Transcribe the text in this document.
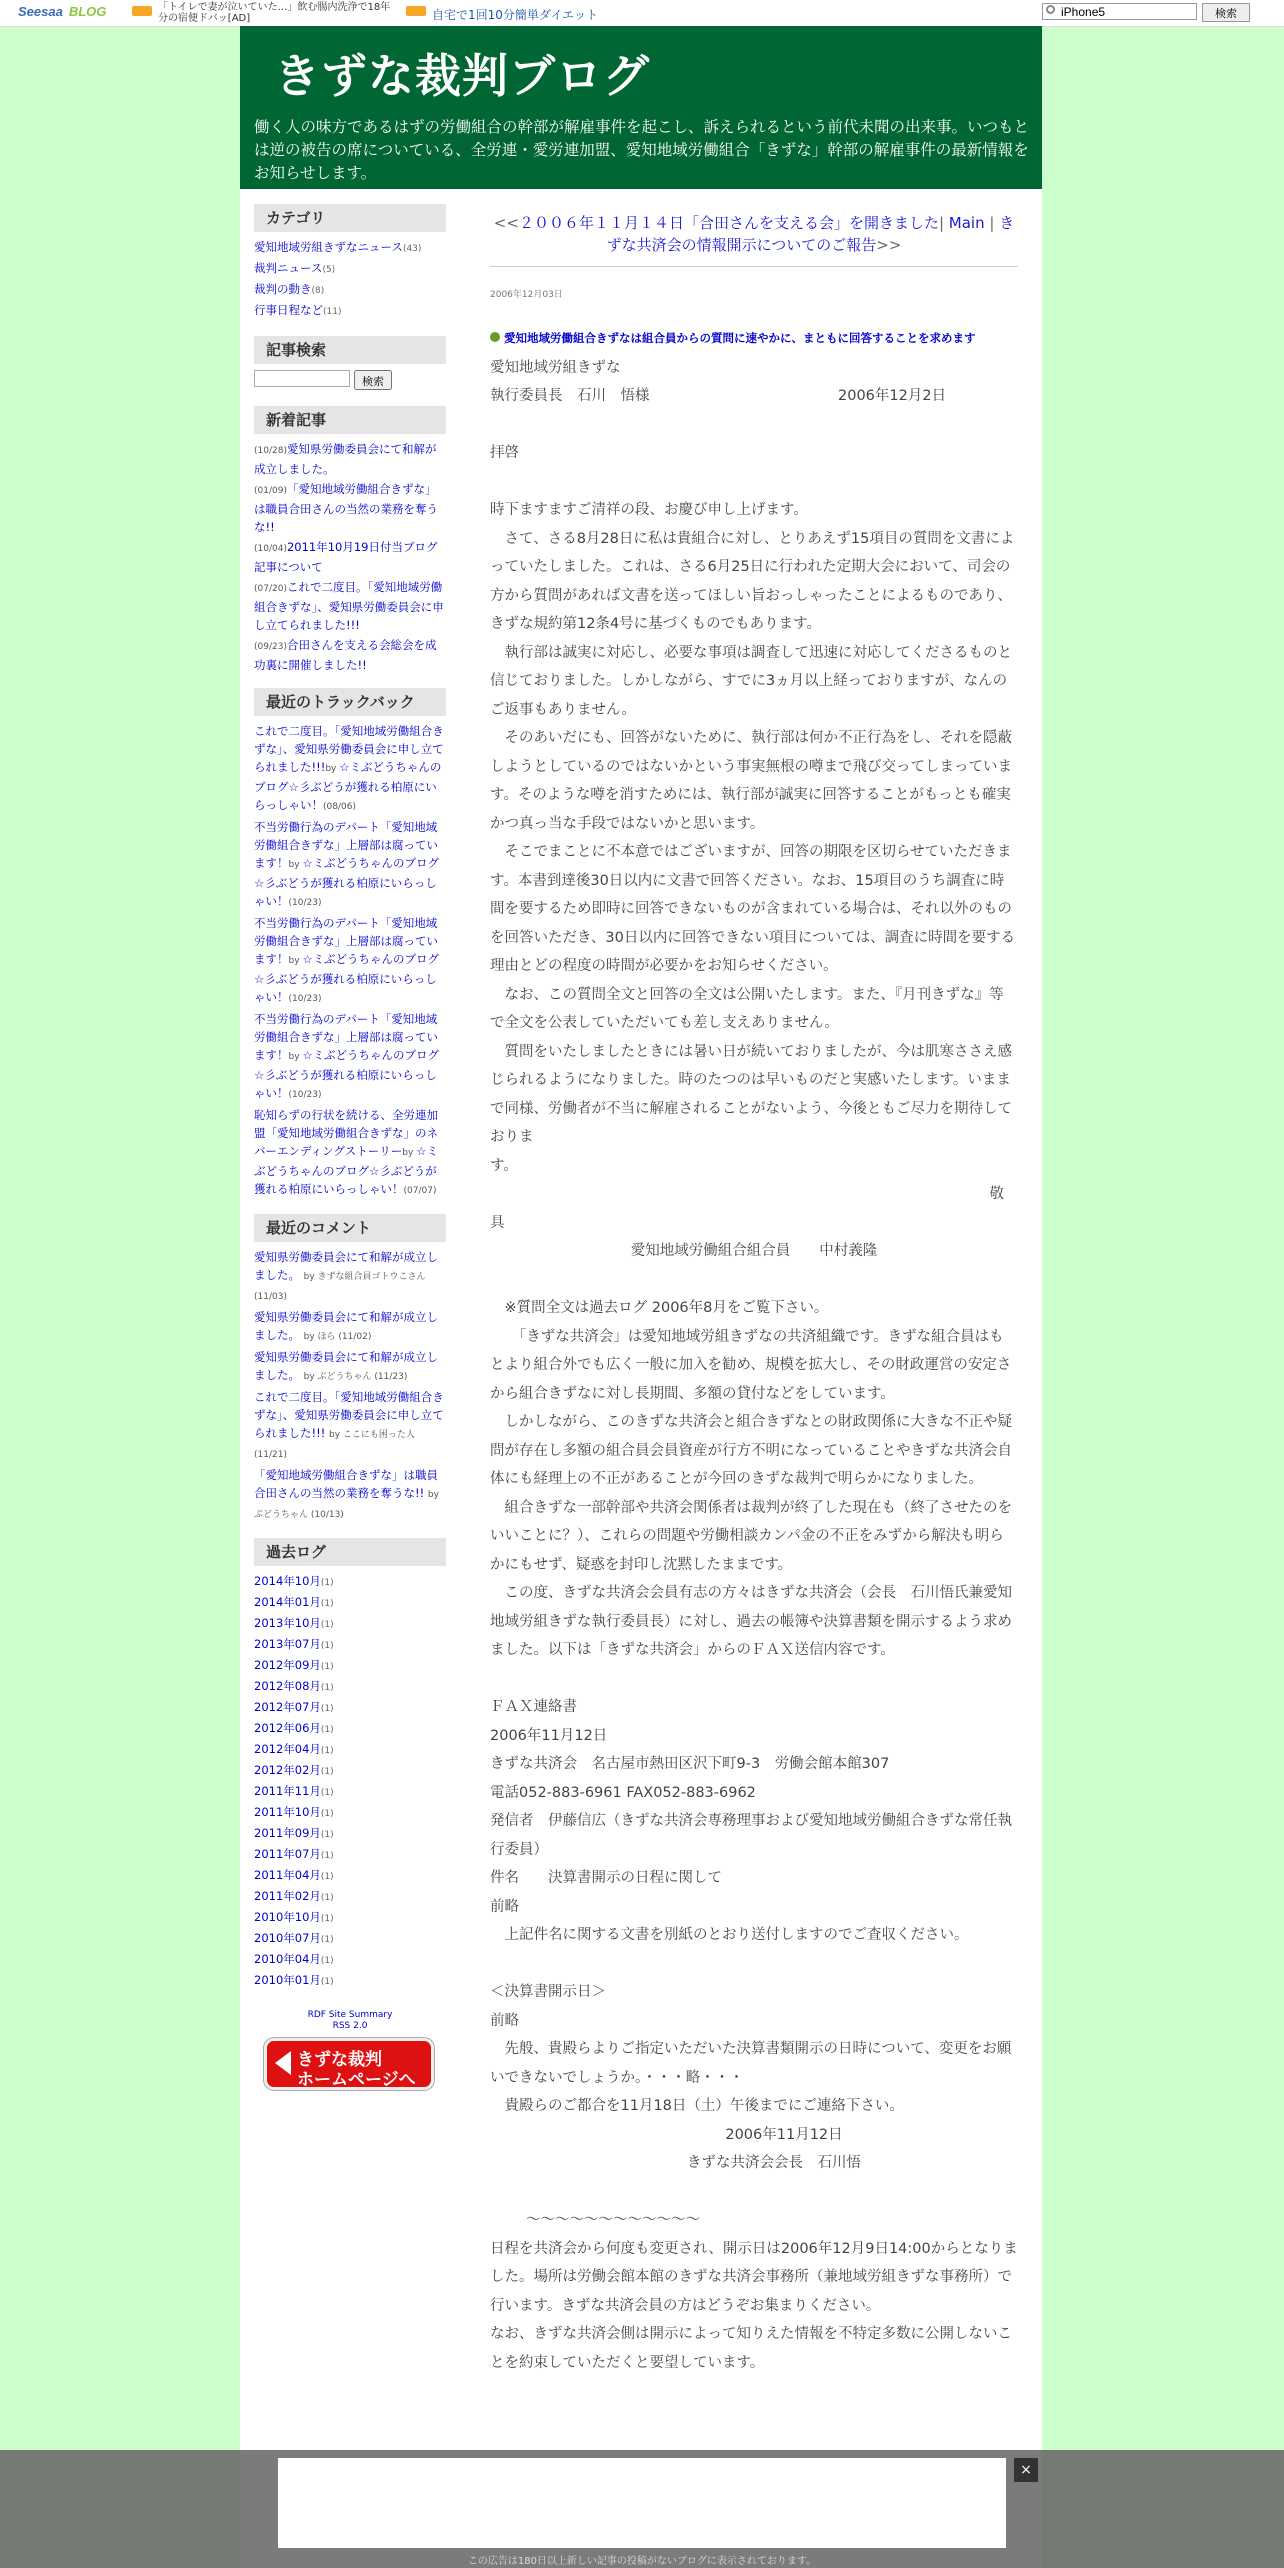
Seesaa BLOG	「トイレで妻が泣いていた…」飲む腸内洗浄で18年分の宿便ドバッ[AD]	自宅で1回10分簡単ダイエット
iPhone5	検索
きずな裁判ブログ
働く人の味方であるはずの労働組合の幹部が解雇事件を起こし、訴えられるという前代未聞の出来事。いつもとは逆の被告の席についている、全労連・愛労連加盟、愛知地域労働組合「きずな」幹部の解雇事件の最新情報をお知らせします。
カテゴリ
愛知地域労組きずなニュース(43)
裁判ニュース(5)
裁判の動き(8)
行事日程など(11)
記事検索
検索
新着記事
(10/28)愛知県労働委員会にて和解が成立しました。
(01/09)「愛知地域労働組合きずな」は職員合田さんの当然の業務を奪うな!!
(10/04)2011年10月19日付当ブログ記事について
(07/20)これで二度目。「愛知地域労働組合きずな」、愛知県労働委員会に申し立てられました!!!
(09/23)合田さんを支える会総会を成功裏に開催しました!!
最近のトラックバック
これで二度目。「愛知地域労働組合きずな」、愛知県労働委員会に申し立てられました!!!by ☆ミぶどうちゃんのブログ☆彡ぶどうが獲れる柏原にいらっしゃい！(08/06)
不当労働行為のデパート「愛知地域労働組合きずな」上層部は腐っています！by ☆ミぶどうちゃんのブログ☆彡ぶどうが獲れる柏原にいらっしゃい！(10/23)
不当労働行為のデパート「愛知地域労働組合きずな」上層部は腐っています！by ☆ミぶどうちゃんのブログ☆彡ぶどうが獲れる柏原にいらっしゃい！(10/23)
不当労働行為のデパート「愛知地域労働組合きずな」上層部は腐っています！by ☆ミぶどうちゃんのブログ☆彡ぶどうが獲れる柏原にいらっしゃい！(10/23)
恥知らずの行状を続ける、全労連加盟「愛知地域労働組合きずな」のネバーエンディングストーリーby ☆ミぶどうちゃんのブログ☆彡ぶどうが獲れる柏原にいらっしゃい！(07/07)
最近のコメント
愛知県労働委員会にて和解が成立しました。 by きずな組合員ゴトウこさん (11/03)
愛知県労働委員会にて和解が成立しました。 by ほら (11/02)
愛知県労働委員会にて和解が成立しました。 by ぶどうちゃん (11/23)
これで二度目。「愛知地域労働組合きずな」、愛知県労働委員会に申し立てられました!!! by ここにも困った人 (11/21)
「愛知地域労働組合きずな」は職員合田さんの当然の業務を奪うな!! by ぶどうちゃん (10/13)
過去ログ
2014年10月(1)
2014年01月(1)
2013年10月(1)
2013年07月(1)
2012年09月(1)
2012年08月(1)
2012年07月(1)
2012年06月(1)
2012年04月(1)
2012年02月(1)
2011年11月(1)
2011年10月(1)
2011年09月(1)
2011年07月(1)
2011年04月(1)
2011年02月(1)
2010年10月(1)
2010年07月(1)
2010年04月(1)
2010年01月(1)
RDF Site Summary
RSS 2.0
きずな裁判
ホームページへ
<<２００６年１１月１４日「合田さんを支える会」を開きました| Main | きずな共済会の情報開示についてのご報告>>
2006年12月03日
愛知地域労働組合きずなは組合員からの質問に速やかに、まともに回答することを求めます

愛知地域労組きずな

執行委員長　石川　悟様　　　　　　　　　　　　　2006年12月2日

拝啓

時下ますますご清祥の段、お慶び申し上げます。

　さて、さる8月28日に私は貴組合に対し、とりあえず15項目の質問を文書によっていたしました。これは、さる6月25日に行われた定期大会において、司会の方から質問があれば文書を送ってほしい旨おっしゃったことによるものであり、きずな規約第12条4号に基づくものでもあります。

　執行部は誠実に対応し、必要な事項は調査して迅速に対応してくださるものと信じておりました。しかしながら、すでに3ヵ月以上経っておりますが、なんのご返事もありません。

　そのあいだにも、回答がないために、執行部は何か不正行為をし、それを隠蔽しようとしているのではないかという事実無根の噂まで飛び交ってしまっています。そのような噂を消すためには、執行部が誠実に回答することがもっとも確実かつ真っ当な手段ではないかと思います。

　そこでまことに不本意ではございますが、回答の期限を区切らせていただきます。本書到達後30日以内に文書で回答ください。なお、15項目のうち調査に時間を要するため即時に回答できないものが含まれている場合は、それ以外のものを回答いただき、30日以内に回答できない項目については、調査に時間を要する理由とどの程度の時間が必要かをお知らせください。

　なお、この質問全文と回答の全文は公開いたします。また、『月刊きずな』等で全文を公表していただいても差し支えありません。

　質問をいたしましたときには暑い日が続いておりましたが、今は肌寒ささえ感じられるようになりました。時のたつのは早いものだと実感いたします。いままで同様、労働者が不当に解雇されることがないよう、今後ともご尽力を期待しておりま

す。

敬

具

愛知地域労働組合組合員　　中村義隆

　※質問全文は過去ログ 2006年8月をご覧下さい。

　　「きずな共済会」は愛知地域労組きずなの共済組織です。きずな組合員はもとより組合外でも広く一般に加入を勧め、規模を拡大し、その財政運営の安定さから組合きずなに対し長期間、多額の貸付などをしています。

　しかしながら、このきずな共済会と組合きずなとの財政関係に大きな不正や疑問が存在し多額の組合員会員資産が行方不明になっていることやきずな共済会自体にも経理上の不正があることが今回のきずな裁判で明らかになりました。

　組合きずな一部幹部や共済会関係者は裁判が終了した現在も（終了させたのをいいことに？）、これらの問題や労働相談カンパ金の不正をみずから解決も明らかにもせず、疑惑を封印し沈黙したままです。

　この度、きずな共済会会員有志の方々はきずな共済会（会長　石川悟氏兼愛知地域労組きずな執行委員長）に対し、過去の帳簿や決算書類を開示するよう求めました。以下は「きずな共済会」からのＦＡＸ送信内容です。

ＦＡＸ連絡書

2006年11月12日

きずな共済会　名古屋市熱田区沢下町9-3　労働会館本館307

電話052-883-6961 FAX052-883-6962

発信者　伊藤信広（きずな共済会専務理事および愛知地域労働組合きずな常任執行委員）

件名　　決算書開示の日程に関して

前略

　上記件名に関する文書を別紙のとおり送付しますのでご査収ください。

＜決算書開示日＞

前略

　先般、貴殿らよりご指定いただいた決算書類開示の日時について、変更をお願いできないでしょうか。・・・略・・・

　貴殿らのご都合を11月18日（土）午後までにご連絡下さい。

2006年11月12日

きずな共済会会長　石川悟

～～～～～～～～～～～～

日程を共済会から何度も変更され、開示日は2006年12月9日14:00からとなりました。場所は労働会館本館のきずな共済会事務所（兼地域労組きずな事務所）で行います。きずな共済会員の方はどうぞお集まりください。

なお、きずな共済会側は開示によって知りえた情報を不特定多数に公開しないことを約束していただくと要望しています。

×
この広告は180日以上新しい記事の投稿がないブログに表示されております。
